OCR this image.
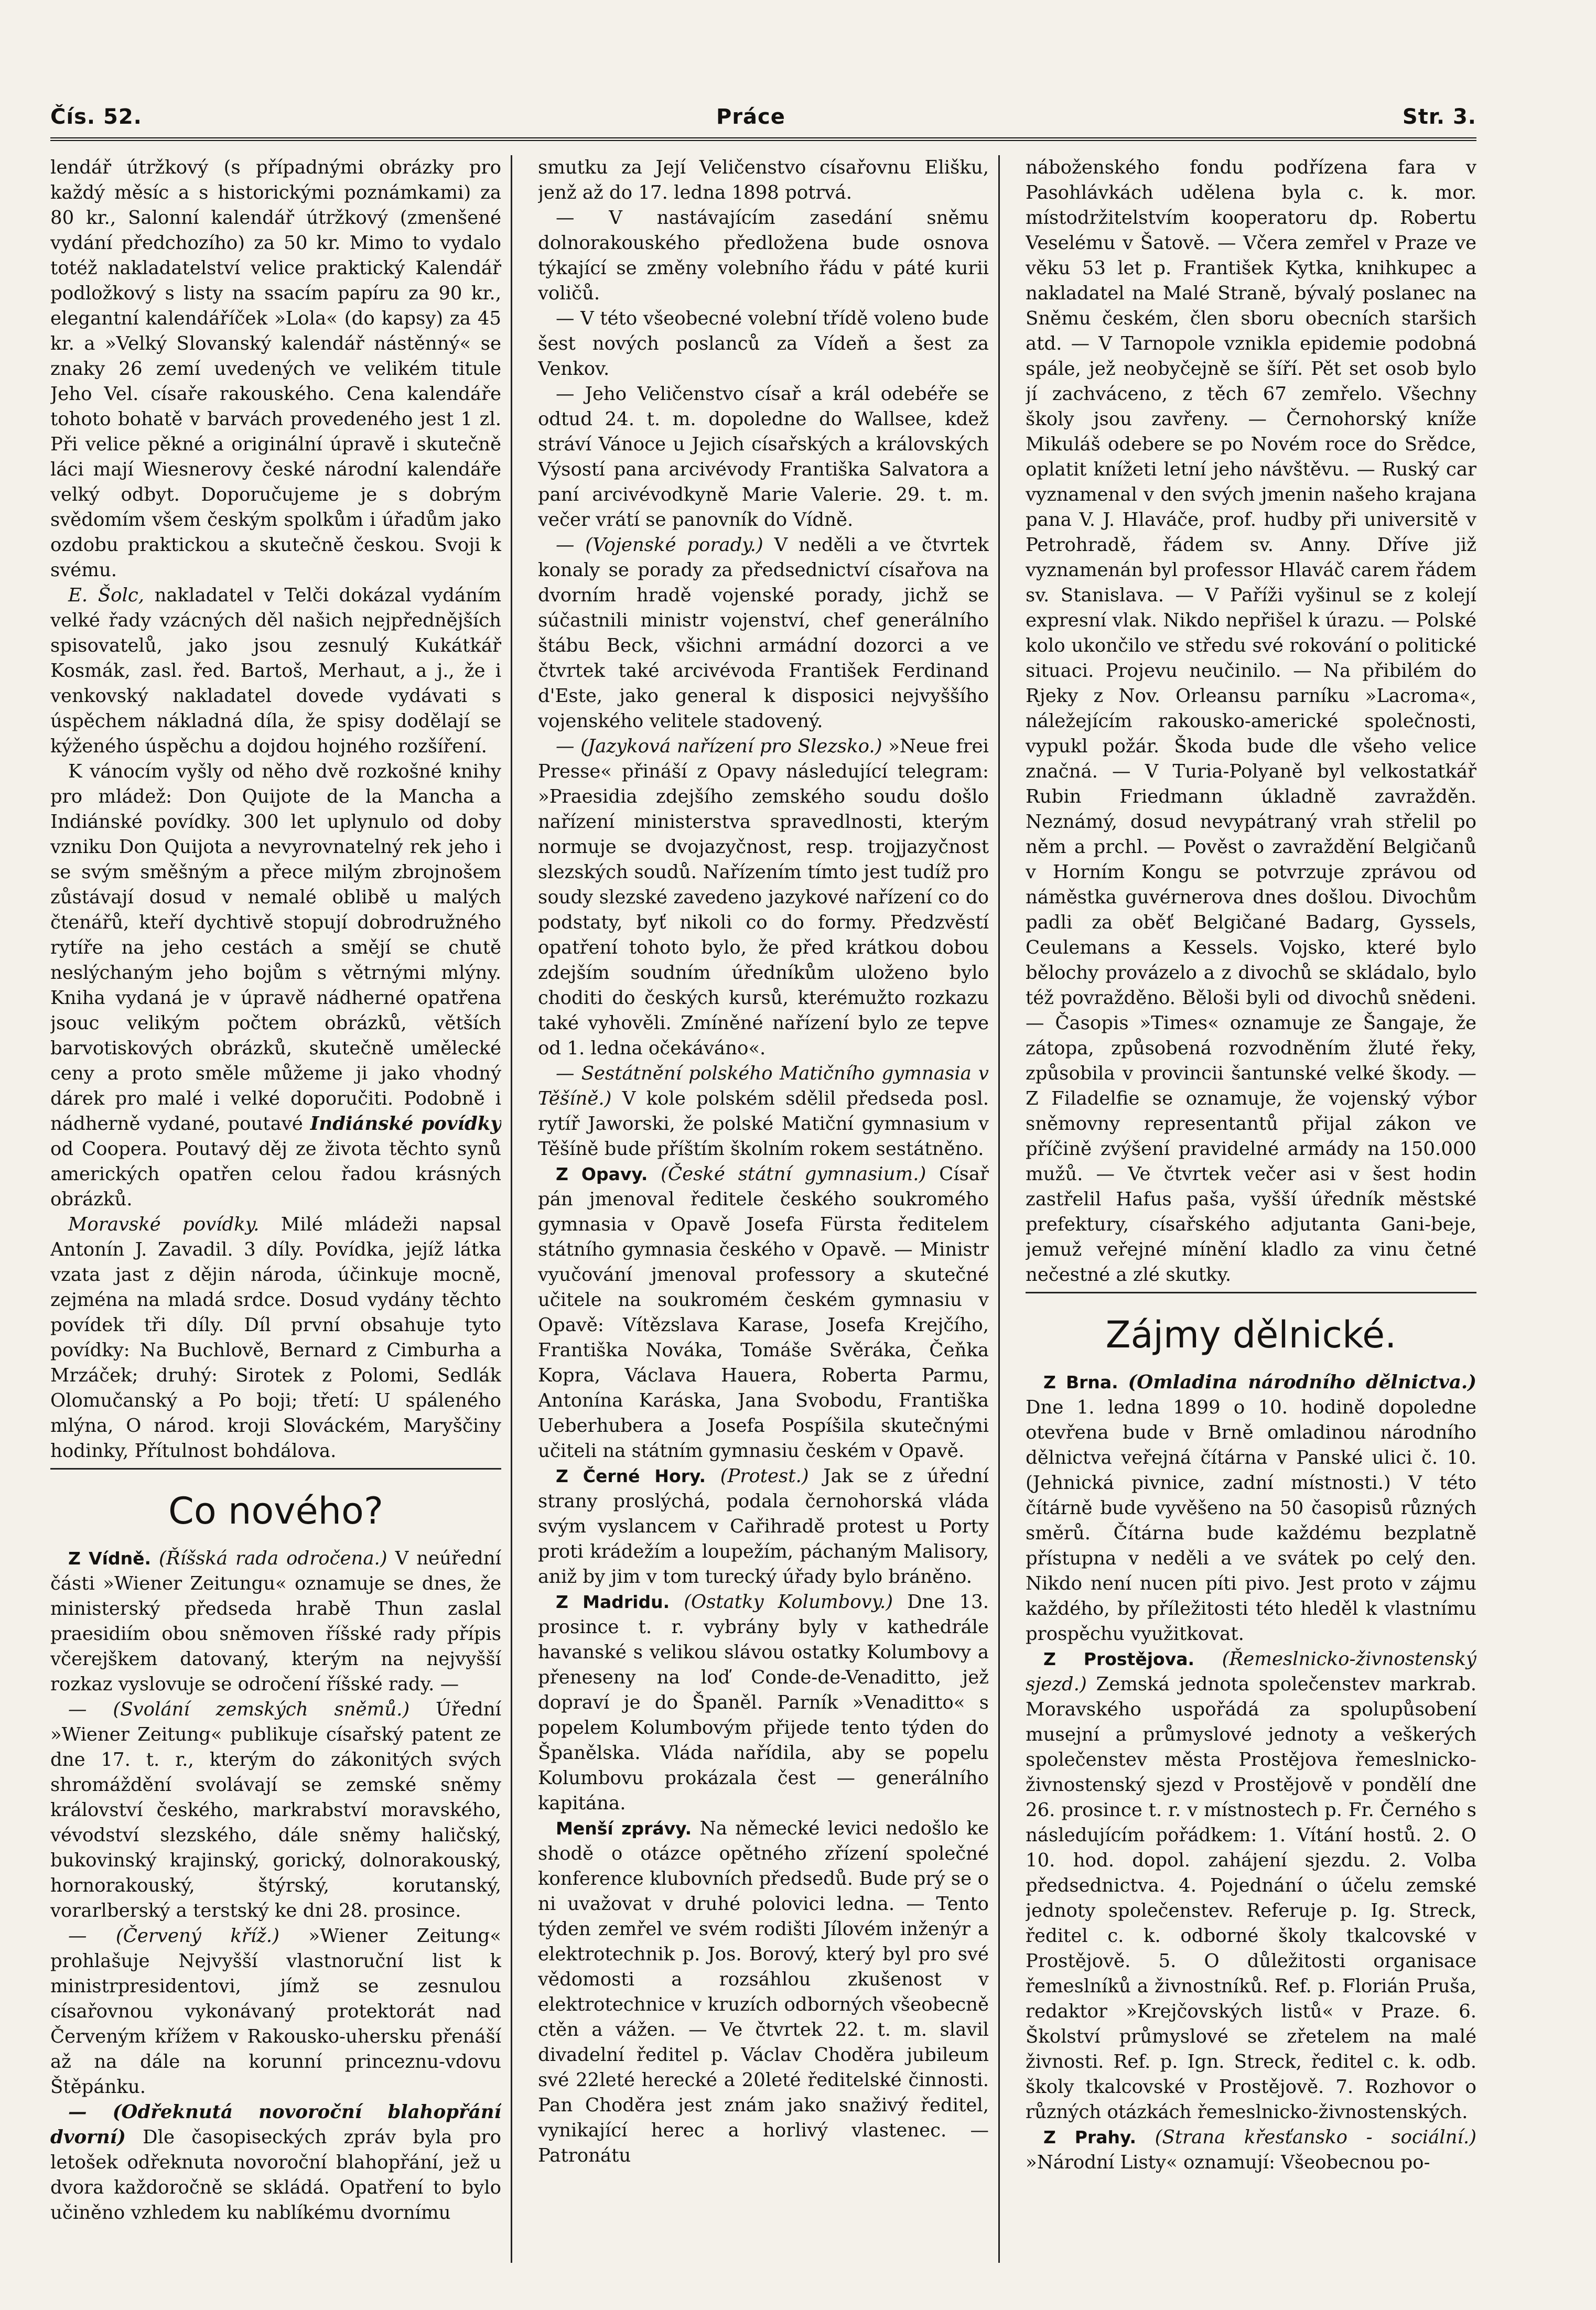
Čís. 52.	Práce	Str. 3.

lendář útržkový (s případnými obrázky pro každý měsíc a s historickými poznámkami) za 80 kr., Salonní kalendář útržkový (zmenšené vydání předchozího) za 50 kr. Mimo to vydalo totéž nakladatelství velice praktický Kalendář podložkový s listy na ssacím papíru za 90 kr., elegantní kalendáříček »Lola« (do kapsy) za 45 kr. a »Velký Slovanský kalendář nástěnný« se znaky 26 zemí uvedených ve velikém titule Jeho Vel. císaře rakouského. Cena kalendáře tohoto bohatě v barvách provedeného jest 1 zl. Při velice pěkné a originální úpravě i skutečně láci mají Wiesnerovy české národní kalendáře velký odbyt. Doporučujeme je s dobrým svědomím všem českým spolkům i úřadům jako ozdobu praktickou a skutečně českou. Svoji k svému.

E. Šolc, nakladatel v Telči dokázal vydáním velké řady vzácných děl našich nejpřednějších spisovatelů, jako jsou zesnulý Kukátkář Kosmák, zasl. řed. Bartoš, Merhaut, a j., že i venkovský nakladatel dovede vydávati s úspěchem nákladná díla, že spisy dodělají se kýženého úspěchu a dojdou hojného rozšíření.

K vánocím vyšly od něho dvě rozkošné knihy pro mládež: Don Quijote de la Mancha a Indiánské povídky. 300 let uplynulo od doby vzniku Don Quijota a nevyrovnatelný rek jeho i se svým směšným a přece milým zbrojnošem zůstávají dosud v nemalé oblibě u malých čtenářů, kteří dychtivě stopují dobrodružného rytíře na jeho cestách a smějí se chutě neslýchaným jeho bojům s větrnými mlýny. Kniha vydaná je v úpravě nádherné opatřena jsouc velikým počtem obrázků, větších barvotiskových obrázků, skutečně umělecké ceny a proto směle můžeme ji jako vhodný dárek pro malé i velké doporučiti. Podobně i nádherně vydané, poutavé Indiánské povídky od Coopera. Poutavý děj ze života těchto synů amerických opatřen celou řadou krásných obrázků.

Moravské povídky. Milé mládeži napsal Antonín J. Zavadil. 3 díly. Povídka, jejíž látka vzata jast z dějin národa, účinkuje mocně, zejména na mladá srdce. Dosud vydány těchto povídek tři díly. Díl první obsahuje tyto povídky: Na Buchlově, Bernard z Cimburha a Mrzáček; druhý: Sirotek z Polomi, Sedlák Olomučanský a Po boji; třetí: U spáleného mlýna, O národ. kroji Slováckém, Maryščiny hodinky, Přítulnost bohdálova.

Co nového?

Z Vídně. (Říšská rada odročena.) V neúřední části »Wiener Zeitungu« oznamuje se dnes, že ministerský předseda hrabě Thun zaslal praesidiím obou sněmoven říšské rady přípis včerejškem datovaný, kterým na nejvyšší rozkaz vyslovuje se odročení říšské rady. —

— (Svolání zemských sněmů.) Úřední »Wiener Zeitung« publikuje císařský patent ze dne 17. t. r., kterým do zákonitých svých shromáždění svolávají se zemské sněmy království českého, markrabství moravského, vévodství slezského, dále sněmy haličský, bukovinský krajinský, gorický, dolnorakouský, hornorakouský, štýrský, korutanský, vorarlberský a terstský ke dni 28. prosince.

— (Červený kříž.) »Wiener Zeitung« prohlašuje Nejvyšší vlastnoruční list k ministrpresidentovi, jímž se zesnulou císařovnou vykonávaný protektorát nad Červeným křížem v Rakousko-uhersku přenáší až na dále na korunní princeznu-vdovu Štěpánku.

— (Odřeknutá novoroční blahopřání dvorní) Dle časopiseckých zpráv byla pro letošek odřeknuta novoroční blahopřání, jež u dvora každoročně se skládá. Opatření to bylo učiněno vzhledem ku nablíkému dvornímu

smutku za Její Veličenstvo císařovnu Elišku, jenž až do 17. ledna 1898 potrvá.

— V nastávajícím zasedání sněmu dolnorakouského předložena bude osnova týkající se změny volebního řádu v páté kurii voličů.

— V této všeobecné volební třídě voleno bude šest nových poslanců za Vídeň a šest za Venkov.

— Jeho Veličenstvo císař a král odebéře se odtud 24. t. m. dopoledne do Wallsee, kdež stráví Vánoce u Jejich císařských a královských Výsostí pana arcivévody Františka Salvatora a paní arcivévodkyně Marie Valerie. 29. t. m. večer vrátí se panovník do Vídně.

— (Vojenské porady.) V neděli a ve čtvrtek konaly se porady za předsednictví císařova na dvorním hradě vojenské porady, jichž se súčastnili ministr vojenství, chef generálního štábu Beck, všichni armádní dozorci a ve čtvrtek také arcivévoda František Ferdinand d'Este, jako general k disposici nejvyššího vojenského velitele stadovený.

— (Jazyková nařízení pro Slezsko.) »Neue frei Presse« přináší z Opavy následující telegram: »Praesidia zdejšího zemského soudu došlo nařízení ministerstva spravedlnosti, kterým normuje se dvojazyčnost, resp. trojjazyčnost slezských soudů. Nařízením tímto jest tudíž pro soudy slezské zavedeno jazykové nařízení co do podstaty, byť nikoli co do formy. Předzvěstí opatření tohoto bylo, že před krátkou dobou zdejším soudním úředníkům uloženo bylo choditi do českých kursů, kterémužto rozkazu také vyhověli. Zmíněné nařízení bylo ze tepve od 1. ledna očekáváno«.

— Sestátnění polského Matičního gymnasia v Těšíně.) V kole polském sdělil předseda posl. rytíř Jaworski, že polské Matiční gymnasium v Těšíně bude příštím školním rokem sestátněno.

Z Opavy. (České státní gymnasium.) Císař pán jmenoval ředitele českého soukromého gymnasia v Opavě Josefa Fürsta ředitelem státního gymnasia českého v Opavě. — Ministr vyučování jmenoval professory a skutečné učitele na soukromém českém gymnasiu v Opavě: Vítězslava Karase, Josefa Krejčího, Františka Nováka, Tomáše Svěráka, Čeňka Kopra, Václava Hauera, Roberta Parmu, Antonína Karáska, Jana Svobodu, Františka Ueberhubera a Josefa Pospíšila skutečnými učiteli na státním gymnasiu českém v Opavě.

Z Černé Hory. (Protest.) Jak se z úřední strany proslýchá, podala černohorská vláda svým vyslancem v Cařihradě protest u Porty proti krádežím a loupežím, páchaným Malisory, aniž by jim v tom turecký úřady bylo bráněno.

Z Madridu. (Ostatky Kolumbovy.) Dne 13. prosince t. r. vybrány byly v kathedrále havanské s velikou slávou ostatky Kolumbovy a přeneseny na loď Conde-de-Venaditto, jež dopraví je do Španěl. Parník »Venaditto« s popelem Kolumbovým přijede tento týden do Španělska. Vláda nařídila, aby se popelu Kolumbovu prokázala čest — generálního kapitána.

Menší zprávy. Na německé levici nedošlo ke shodě o otázce opětného zřízení společné konference klubovních předsedů. Bude prý se o ni uvažovat v druhé polovici ledna. — Tento týden zemřel ve svém rodišti Jílovém inženýr a elektrotechnik p. Jos. Borový, který byl pro své vědomosti a rozsáhlou zkušenost v elektrotechnice v kruzích odborných všeobecně ctěn a vážen. — Ve čtvrtek 22. t. m. slavil divadelní ředitel p. Václav Choděra jubileum své 22leté herecké a 20leté ředitelské činnosti. Pan Choděra jest znám jako snaživý ředitel, vynikající herec a horlivý vlastenec. — Patronátu

náboženského fondu podřízena fara v Pasohlávkách udělena byla c. k. mor. místodržitelstvím kooperatoru dp. Robertu Veselému v Šatově. — Včera zemřel v Praze ve věku 53 let p. František Kytka, knihkupec a nakladatel na Malé Straně, bývalý poslanec na Sněmu českém, člen sboru obecních staršich atd. — V Tarnopole vznikla epidemie podobná spále, jež neobyčejně se šíří. Pět set osob bylo jí zachváceno, z těch 67 zemřelo. Všechny školy jsou zavřeny. — Černohorský kníže Mikuláš odebere se po Novém roce do Srědce, oplatit knížeti letní jeho návštěvu. — Ruský car vyznamenal v den svých jmenin našeho krajana pana V. J. Hlaváče, prof. hudby při universitě v Petrohradě, řádem sv. Anny. Dříve již vyznamenán byl professor Hlaváč carem řádem sv. Stanislava. — V Paříži vyšinul se z kolejí expresní vlak. Nikdo nepřišel k úrazu. — Polské kolo ukončilo ve středu své rokování o politické situaci. Projevu neučinilo. — Na přibilém do Rjeky z Nov. Orleansu parníku »Lacroma«, náležejícím rakousko-americké společnosti, vypukl požár. Škoda bude dle všeho velice značná. — V Turia-Polyaně byl velkostatkář Rubin Friedmann úkladně zavražděn. Neznámý, dosud nevypátraný vrah střelil po něm a prchl. — Pověst o zavraždění Belgičanů v Horním Kongu se potvrzuje zprávou od náměstka guvérnerova dnes došlou. Divochům padli za oběť Belgičané Badarg, Gyssels, Ceulemans a Kessels. Vojsko, které bylo bělochy provázelo a z divochů se skládalo, bylo též povražděno. Běloši byli od divochů snědeni. — Časopis »Times« oznamuje ze Šangaje, že zátopa, způsobená rozvodněním žluté řeky, způsobila v provincii šantunské velké škody. — Z Filadelfie se oznamuje, že vojenský výbor sněmovny representantů přijal zákon ve příčině zvýšení pravidelné armády na 150.000 mužů. — Ve čtvrtek večer asi v šest hodin zastřelil Hafus paša, vyšší úředník městské prefektury, císařského adjutanta Gani-beje, jemuž veřejné mínění kladlo za vinu četné nečestné a zlé skutky.

Zájmy dělnické.

Z Brna. (Omladina národního dělnictva.) Dne 1. ledna 1899 o 10. hodině dopoledne otevřena bude v Brně omladinou národního dělnictva veřejná čítárna v Panské ulici č. 10. (Jehnická pivnice, zadní místnosti.) V této čítárně bude vyvěšeno na 50 časopisů různých směrů. Čítárna bude každému bezplatně přístupna v neděli a ve svátek po celý den. Nikdo není nucen píti pivo. Jest proto v zájmu každého, by příležitosti této hleděl k vlastnímu prospěchu využitkovat.

Z Prostějova. (Řemeslnicko-živnostenský sjezd.) Zemská jednota společenstev markrab. Moravského uspořádá za spolupůsobení musejní a průmyslové jednoty a veškerých společenstev města Prostějova řemeslnicko-živnostenský sjezd v Prostějově v pondělí dne 26. prosince t. r. v místnostech p. Fr. Černého s následujícím pořádkem: 1. Vítání hostů. 2. O 10. hod. dopol. zahájení sjezdu. 2. Volba předsednictva. 4. Pojednání o účelu zemské jednoty společenstev. Referuje p. Ig. Streck, ředitel c. k. odborné školy tkalcovské v Prostějově. 5. O důležitosti organisace řemeslníků a živnostníků. Ref. p. Florián Pruša, redaktor »Krejčovských listů« v Praze. 6. Školství průmyslové se zřetelem na malé živnosti. Ref. p. Ign. Streck, ředitel c. k. odb. školy tkalcovské v Prostějově. 7. Rozhovor o různých otázkách řemeslnicko-živnostenských.

Z Prahy. (Strana křesťansko - sociální.) »Národní Listy« oznamují: Všeobecnou po-
